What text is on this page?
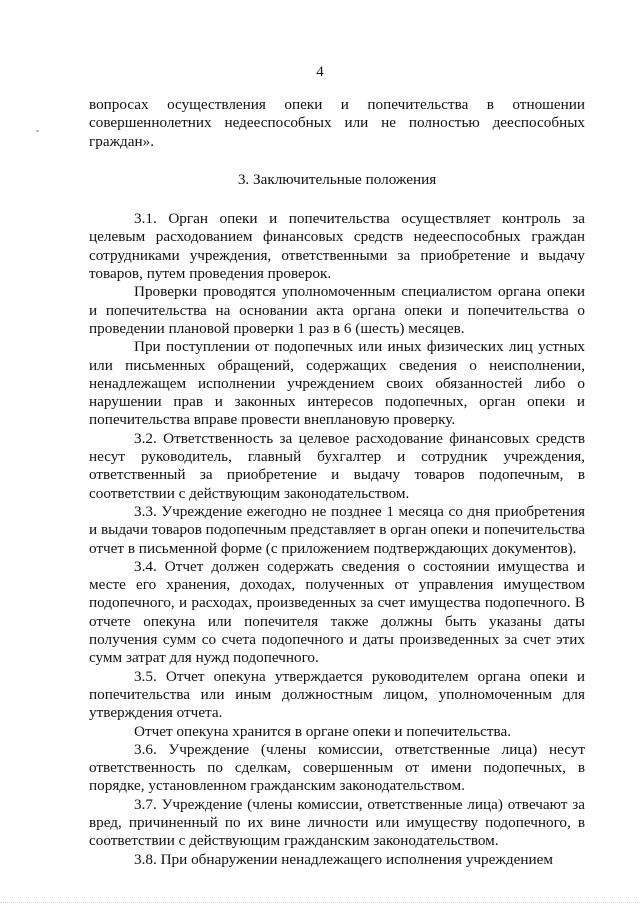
4

вопросах осуществления опеки и попечительства в отношении совершеннолетних недееспособных или не полностью дееспособных граждан».

3. Заключительные положения

3.1. Орган опеки и попечительства осуществляет контроль за целевым расходованием финансовых средств недееспособных граждан сотрудниками учреждения, ответственными за приобретение и выдачу товаров, путем проведения проверок.

Проверки проводятся уполномоченным специалистом органа опеки и попечительства на основании акта органа опеки и попечительства о проведении плановой проверки 1 раз в 6 (шесть) месяцев.

При поступлении от подопечных или иных физических лиц устных или письменных обращений, содержащих сведения о неисполнении, ненадлежащем исполнении учреждением своих обязанностей либо о нарушении прав и законных интересов подопечных, орган опеки и попечительства вправе провести внеплановую проверку.

3.2. Ответственность за целевое расходование финансовых средств несут руководитель, главный бухгалтер и сотрудник учреждения, ответственный за приобретение и выдачу товаров подопечным, в соответствии с действующим законодательством.

3.3. Учреждение ежегодно не позднее 1 месяца со дня приобретения и выдачи товаров подопечным представляет в орган опеки и попечительства отчет в письменной форме (с приложением подтверждающих документов).

3.4. Отчет должен содержать сведения о состоянии имущества и месте его хранения, доходах, полученных от управления имуществом подопечного, и расходах, произведенных за счет имущества подопечного. В отчете опекуна или попечителя также должны быть указаны даты получения сумм со счета подопечного и даты произведенных за счет этих сумм затрат для нужд подопечного.

3.5. Отчет опекуна утверждается руководителем органа опеки и попечительства или иным должностным лицом, уполномоченным для утверждения отчета.

Отчет опекуна хранится в органе опеки и попечительства.

3.6. Учреждение (члены комиссии, ответственные лица) несут ответственность по сделкам, совершенным от имени подопечных, в порядке, установленном гражданским законодательством.

3.7. Учреждение (члены комиссии, ответственные лица) отвечают за вред, причиненный по их вине личности или имуществу подопечного, в соответствии с действующим гражданским законодательством.

3.8. При обнаружении ненадлежащего исполнения учреждением
